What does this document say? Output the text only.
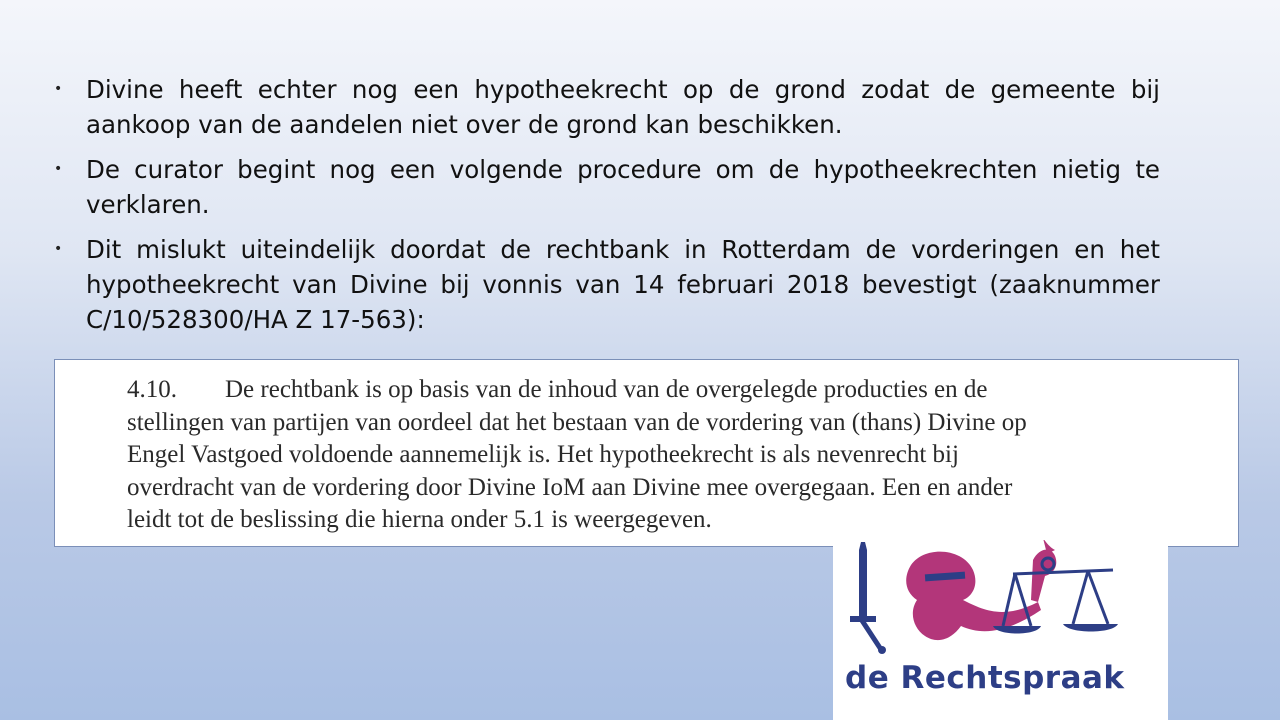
• Divine heeft echter nog een hypotheekrecht op de grond zodat de gemeente bij aankoop van de aandelen niet over de grond kan beschikken.
• De curator begint nog een volgende procedure om de hypotheekrechten nietig te verklaren.
• Dit mislukt uiteindelijk doordat de rechtbank in Rotterdam de vorderingen en het hypotheekrecht van Divine bij vonnis van 14 februari 2018 bevestigt (zaaknummer C/10/528300/HA Z 17-563):

4.10. De rechtbank is op basis van de inhoud van de overgelegde producties en de
stellingen van partijen van oordeel dat het bestaan van de vordering van (thans) Divine op
Engel Vastgoed voldoende aannemelijk is. Het hypotheekrecht is als nevenrecht bij
overdracht van de vordering door Divine IoM aan Divine mee overgegaan. Een en ander
leidt tot de beslissing die hierna onder 5.1 is weergegeven.

de Rechtspraak
